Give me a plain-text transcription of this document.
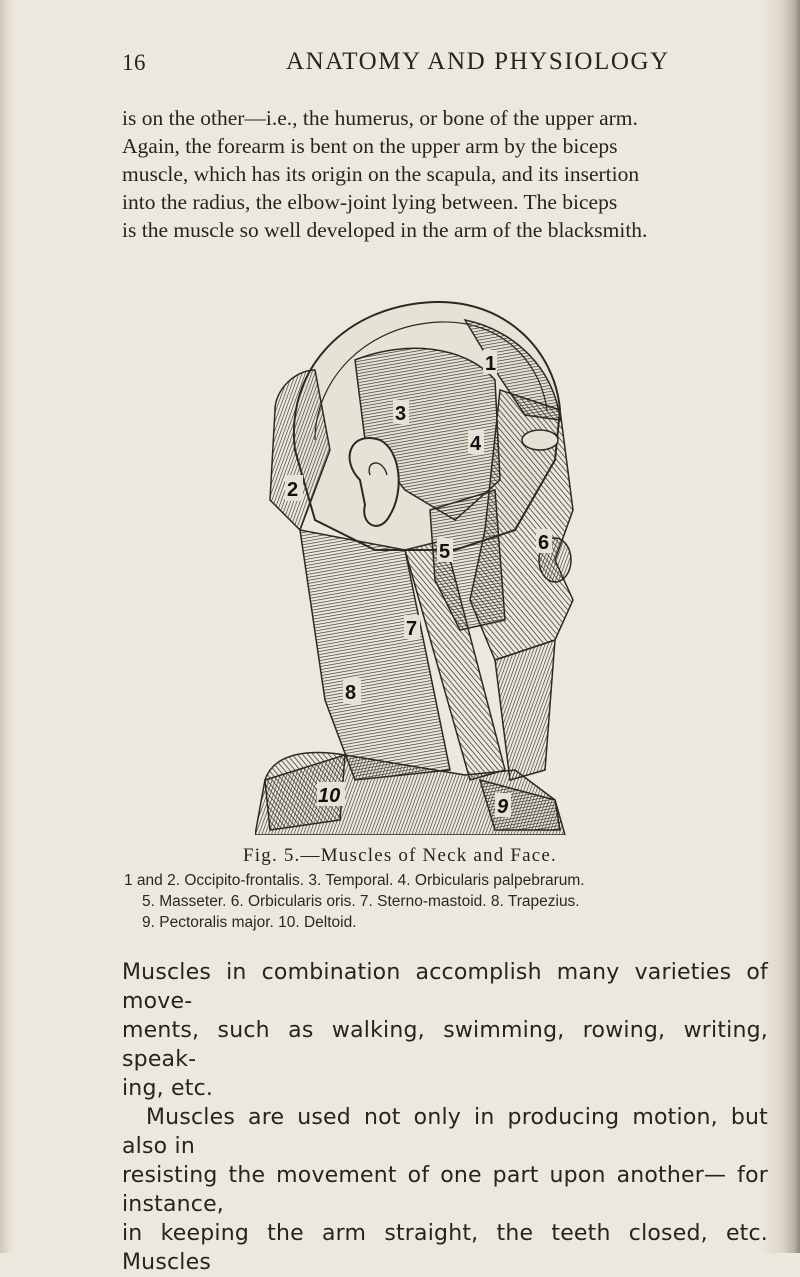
16	ANATOMY AND PHYSIOLOGY

is on the other—i.e., the humerus, or bone of the upper arm.

Again, the forearm is bent on the upper arm by the biceps

muscle, which has its origin on the scapula, and its insertion

into the radius, the elbow-joint lying between. The biceps

is the muscle so well developed in the arm of the blacksmith.

1
2
3
4
5	6
7
8
9
10
Fig. 5.—Muscles of Neck and Face.
1 and 2. Occipito-frontalis. 3. Temporal. 4. Orbicularis palpebrarum.
5. Masseter. 6. Orbicularis oris. 7. Sterno-mastoid. 8. Trapezius.
9. Pectoralis major. 10. Deltoid.

Muscles in combination accomplish many varieties of move-

ments, such as walking, swimming, rowing, writing, speak-

ing, etc.

Muscles are used not only in producing motion, but also in

resisting the movement of one part upon another— for instance,

in keeping the arm straight, the teeth closed, etc. Muscles
